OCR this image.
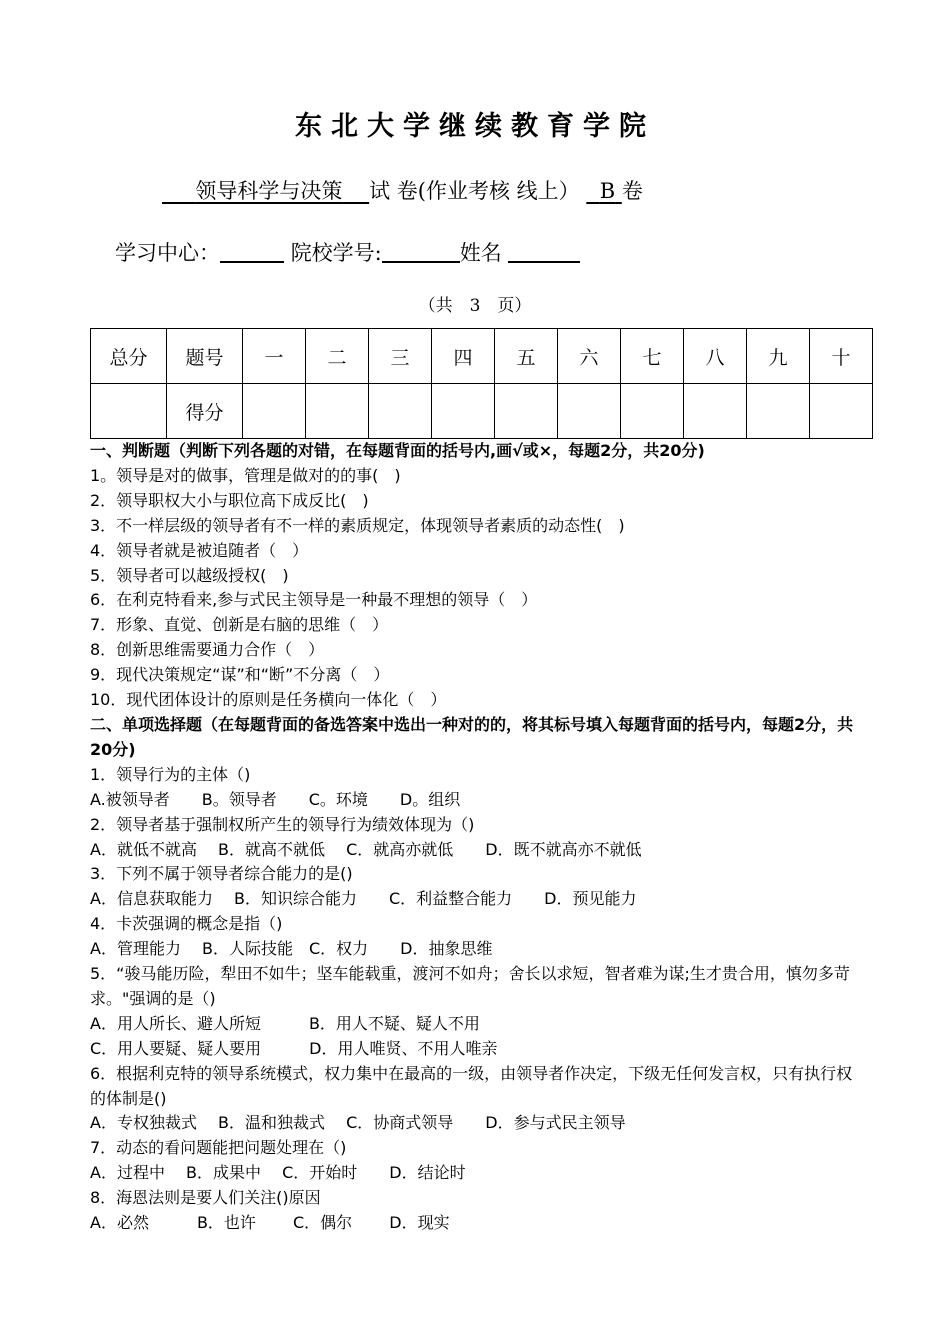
东北大学继续教育学院
领导科学与决策 试 卷(作业考核 线上） B 卷
学习中心：	院校学号:	姓名
（共　3　页）
总分	题号	一	二	三	四	五	六	七	八	九	十
	得分										
一、判断题（判断下列各题的对错，在每题背面的括号内,画√或×，每题2分，共20分)
1。领导是对的做事，管理是做对的的事(　)
2．领导职权大小与职位高下成反比(　)
3．不一样层级的领导者有不一样的素质规定，体现领导者素质的动态性(　)
4．领导者就是被追随者（　）
5．领导者可以越级授权(　)
6．在利克特看来,参与式民主领导是一种最不理想的领导（　）
7．形象、直觉、创新是右脑的思维（　）
8．创新思维需要通力合作（　）
9．现代决策规定“谋”和“断”不分离（　）
10．现代团体设计的原则是任务横向一体化（　）
二、单项选择题（在每题背面的备选答案中选出一种对的的，将其标号填入每题背面的括号内，每题2分，共20分)
1．领导行为的主体（)
A.被领导者　　B。领导者　　C。环境　　D。组织
2．领导者基于强制权所产生的领导行为绩效体现为（)
A．就低不就高　 B．就高不就低　 C．就高亦就低　　D．既不就高亦不就低
3．下列不属于领导者综合能力的是()
A．信息获取能力　 B．知识综合能力　　C．利益整合能力　　D．预见能力
4．卡茨强调的概念是指（)
A．管理能力　 B．人际技能　C．权力　　D．抽象思维
5．“骏马能历险，犁田不如牛；坚车能载重，渡河不如舟；舍长以求短，智者难为谋;生才贵合用，慎勿多苛求。"强调的是（)
A．用人所长、避人所短　　　B．用人不疑、疑人不用
C．用人要疑、疑人要用　　　D．用人唯贤、不用人唯亲
6．根据利克特的领导系统模式，权力集中在最高的一级，由领导者作决定，下级无任何发言权，只有执行权的体制是()
A．专权独裁式　 B．温和独裁式　 C．协商式领导　　D．参与式民主领导
7．动态的看问题能把问题处理在（)
A．过程中　 B．成果中　 C．开始时　　D．结论时
8．海恩法则是要人们关注()原因
A．必然　　　B．也许　　 C．偶尔　　 D．现实
